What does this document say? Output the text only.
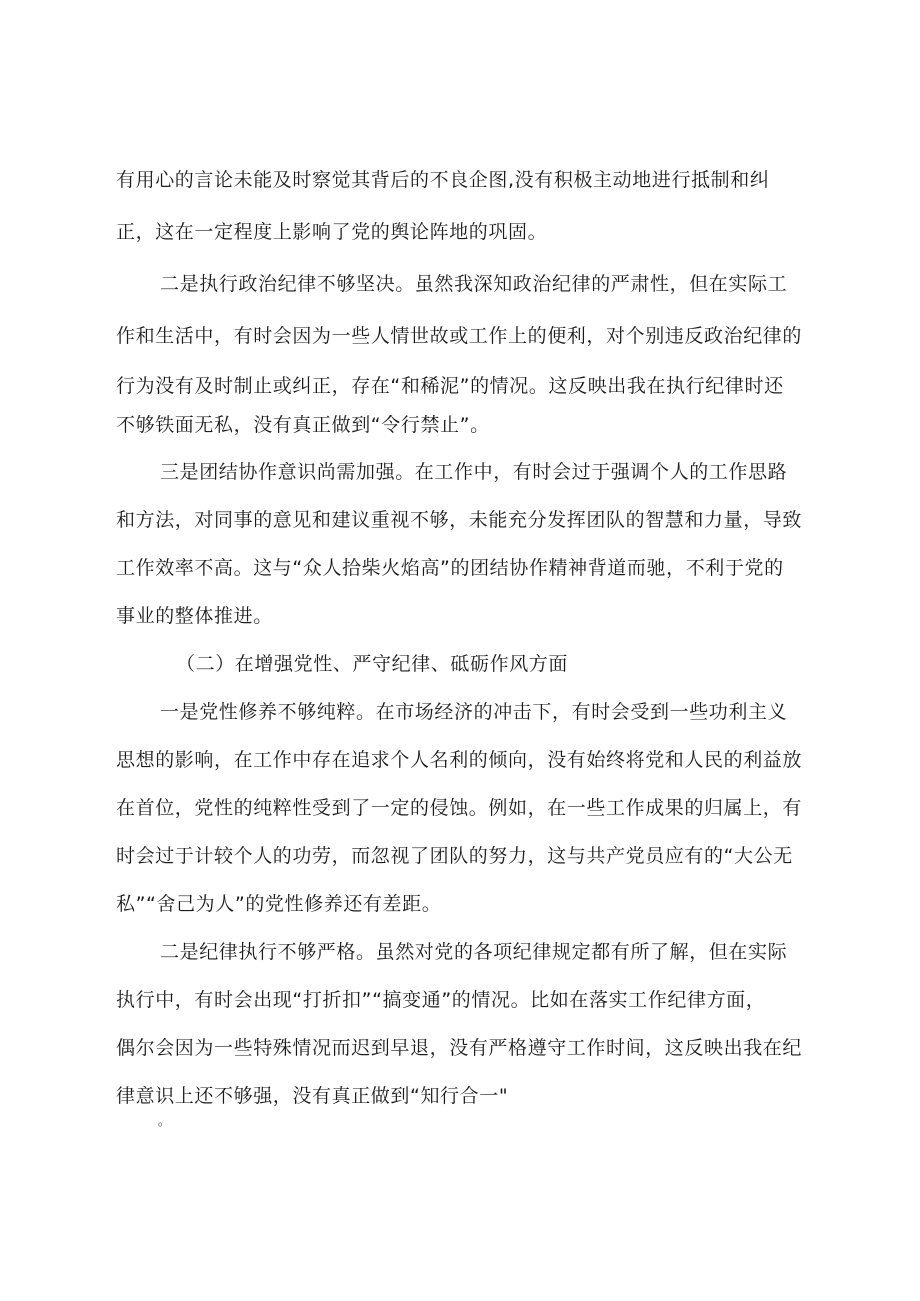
有用心的言论未能及时察觉其背后的不良企图,没有积极主动地进行抵制和纠
正，这在一定程度上影响了党的舆论阵地的巩固。
二是执行政治纪律不够坚决。虽然我深知政治纪律的严肃性，但在实际工
作和生活中，有时会因为一些人情世故或工作上的便利，对个别违反政治纪律的
行为没有及时制止或纠正，存在“和稀泥”的情况。这反映出我在执行纪律时还
不够铁面无私，没有真正做到“令行禁止”。
三是团结协作意识尚需加强。在工作中，有时会过于强调个人的工作思路
和方法，对同事的意见和建议重视不够，未能充分发挥团队的智慧和力量，导致
工作效率不高。这与“众人拾柴火焰高”的团结协作精神背道而驰，不利于党的
事业的整体推进。
（二）在增强党性、严守纪律、砥砺作风方面
一是党性修养不够纯粹。在市场经济的冲击下，有时会受到一些功利主义
思想的影响，在工作中存在追求个人名利的倾向，没有始终将党和人民的利益放
在首位，党性的纯粹性受到了一定的侵蚀。例如，在一些工作成果的归属上，有
时会过于计较个人的功劳，而忽视了团队的努力，这与共产党员应有的“大公无
私”“舍己为人”的党性修养还有差距。
二是纪律执行不够严格。虽然对党的各项纪律规定都有所了解，但在实际
执行中，有时会出现“打折扣”“搞变通”的情况。比如在落实工作纪律方面，
偶尔会因为一些特殊情况而迟到早退，没有严格遵守工作时间，这反映出我在纪
律意识上还不够强，没有真正做到“知行合一"
。
